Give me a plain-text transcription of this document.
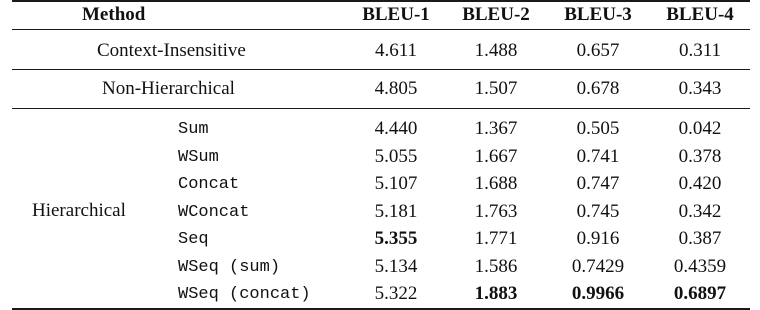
Method	BLEU-1	BLEU-2	BLEU-3	BLEU-4
Context-Insensitive	4.611	1.488	0.657	0.311
Non-Hierarchical	4.805	1.507	0.678	0.343
Hierarchical
Sum	4.440	1.367	0.505	0.042
WSum	5.055	1.667	0.741	0.378
Concat	5.107	1.688	0.747	0.420
WConcat	5.181	1.763	0.745	0.342
Seq	5.355	1.771	0.916	0.387
WSeq (sum)	5.134	1.586	0.7429	0.4359
WSeq (concat)	5.322	1.883	0.9966	0.6897
